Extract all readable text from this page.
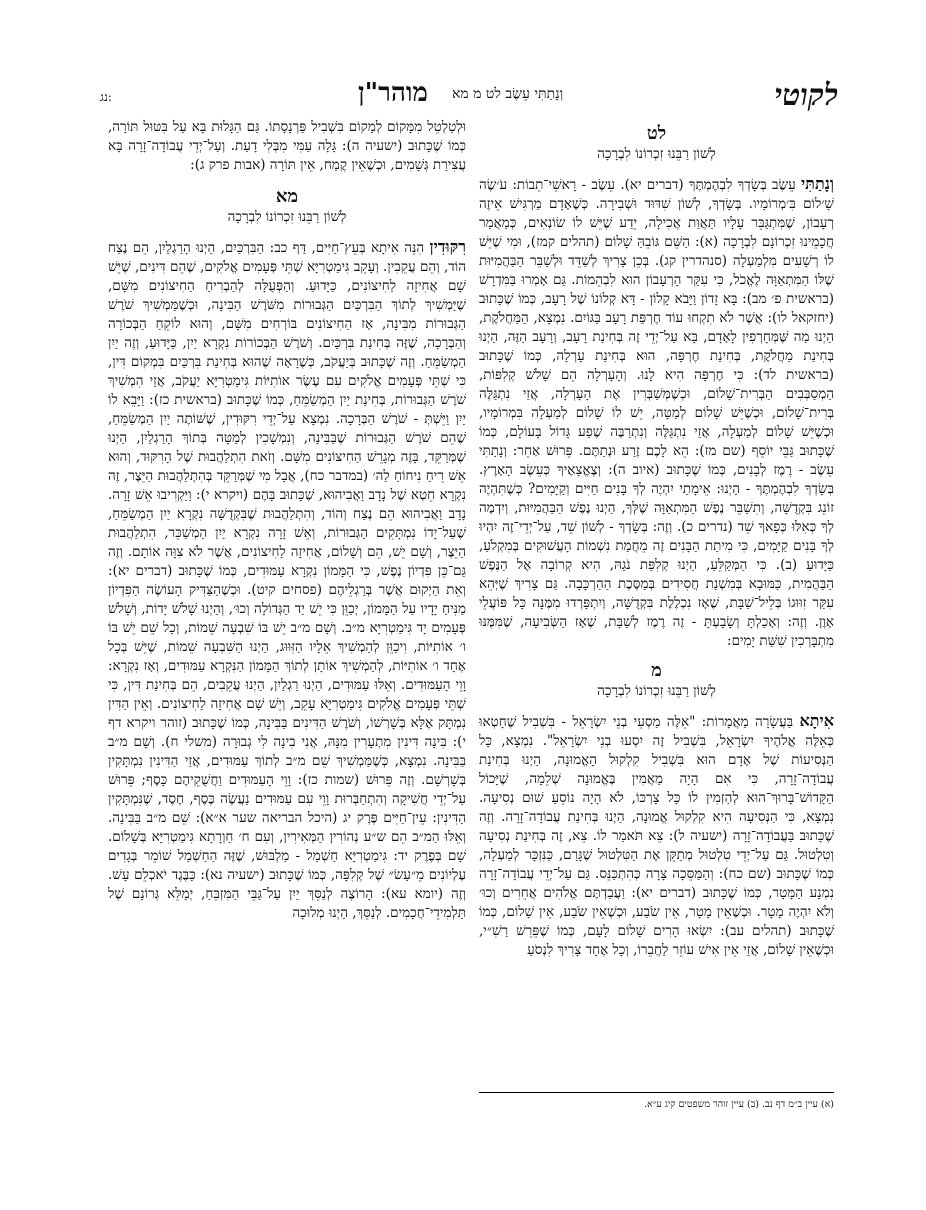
נג:	מוהר"ן וְנָתַתִּי עֵשֶׂב לט מ מא	לקוטי
לט
לְשׁוֹן רַבֵּנוּ זִכְרוֹנוֹ לִבְרָכָה

וְנָתַתִּי עֵשֶׂב בְּשָׂדְךָ לִבְהֶמְתֶּךָ (דברים יא). עֵשֶׂב - רָאשֵׁי־תֵבוֹת: עֹ׳שֶׂה שָׁ׳לוֹם בִּ׳מְרוֹמָיו. בְּשָׂדְךָ, לְשׁוֹן שִׁדּוּד וּשְׁבִירָה. כְּשֶׁאָדָם מַרְגִּישׁ אֵיזֶה רְעָבוֹן, שֶׁמִּתְגַּבֵּר עָלָיו תַּאֲוַת אֲכִילָה, יֵדַע שֶׁיֵּשׁ לוֹ שׂוֹנְאִים, כְּמַאֲמַר חֲכָמֵינוּ זִכְרוֹנָם לִבְרָכָה (א): הַשֵּׁם גּוֹבֵהַּ שָׁלוֹם (תהלים קמז), וּמִי שֶׁיֵּשׁ לוֹ רְשָׁעִים מִלְמַעְלָה (סנהדרין קג). בְּכֵן צָרִיךְ לְשַׁדֵּד וּלְשַׁבֵּר הַבַּהֲמִיּוּת שֶׁלּוֹ הַמִּתְאַוָּה לֶאֱכֹל, כִּי עִקַּר הָרְעָבוֹן הוּא לִבְהֵמוֹת. גַּם אָמְרוּ בַּמִּדְרָשׁ (בראשית פ׳ מב): בָּא זָדוֹן וַיָּבֹא קָלוֹן - דָּא קְלוֹנוֹ שֶׁל רָעָב, כְּמוֹ שֶׁכָּתוּב (יחזקאל לו): אֲשֶׁר לֹא תִקְחוּ עוֹד חֶרְפַּת רָעָב בַּגּוֹיִם. נִמְצָא, הַמַּחֲלֹקֶת, הַיְנוּ מַה שֶּׁמְּחָרְפִין לָאָדָם, בָּא עַל־יְדֵי זֶה בְּחִינַת רָעָב, וְרָעָב הַזֶּה, הַיְנוּ בְּחִינַת מַחֲלֹקֶת, בְּחִינַת חֶרְפָּה, הוּא בְּחִינַת עָרְלָה, כְּמוֹ שֶׁכָּתוּב (בראשית לד): כִּי חֶרְפָּה הִיא לָנוּ. וְהָעָרְלָה הֵם שָׁלֹשׁ קְלִפּוֹת, הַמְסַבְּבִים הַבְּרִית־שָׁלוֹם, וּכְשֶׁמְּשַׁבְּרִין אֶת הָעָרְלָה, אֲזַי נִתְגַּלֶּה בְּרִית־שָׁלוֹם, וּכְשֶׁיֵּשׁ שָׁלוֹם לְמַטָּה, יֵשׁ לוֹ שָׁלוֹם לְמַעְלָה בִּמְרוֹמָיו, וּכְשֶׁיֵּשׁ שָׁלוֹם לְמַעְלָה, אֲזַי נִתְגַּלֶּה וְנִתְרַבֶּה שֶׁפַע גָּדוֹל בָּעוֹלָם, כְּמוֹ שֶׁכָּתוּב גַּבֵּי יוֹסֵף (שם מז): הֵא לָכֶם זֶרַע וּנְתַתֶּם. פֵּרוּשׁ אַחֵר: וְנָתַתִּי עֵשֶׂב - רֶמֶז לְבָנִים, כְּמוֹ שֶׁכָּתוּב (איוב ה): וְצֶאֱצָאֶיךָ כְּעֵשֶׂב הָאָרֶץ. בְּשָׂדְךָ לִבְהֶמְתֶּךָ - הַיְנוּ: אֵימָתַי יִהְיֶה לְךָ בָּנִים חַיִּים וְקַיָּמִים? כְּשֶׁתִּהְיֶה זוֹנֵג בִּקְדֻשָּׁה, וְתִשַׁבֵּר נֶפֶשׁ הַמִּתְאַוָּה שֶׁלְּךָ, הַיְנוּ נֶפֶשׁ הַבַּהֲמִיּוּת, וְיִדְמֶה לְךָ כְּאִלּוּ כְּפָאךָ שֵׁד (נדרים כ). וְזֶה: בְּשָׂדְךָ - לְשׁוֹן שֵׁד, עַל־יְדֵי־זֶה יִהְיוּ לְךָ בָּנִים קַיָּמִים, כִּי מִיתַת הַבָּנִים זֶה מֵחֲמַת נִשְׁמוֹת הָעֲשׁוּקִים בְּמִקְלֹעַ, כַּיָּדוּעַ (ב). כִּי הַמְּקַלֵּעַ, הַיְנוּ קְלִפַּת נֹגַהּ, הִיא קְרוֹבָה אֶל הַנֶּפֶשׁ הַבַּהֲמִית, כַּמּוּבָא בְּמִשְׁנַת חֲסִידִים בְּמַסֶּכֶת הַהַרְכָּבָה. גַּם צָרִיךְ שֶׁיְּהֵא עִקַּר זִוּוּגוֹ בְּלֵיל־שַׁבָּת, שֶׁאָז נִכְלֶלֶת בִּקְדֻשָּׁה, וְיִתְפָּרְדוּ מִמֶּנָּה כָּל פּוֹעֲלֵי אָוֶן. וְזֶה: וְאָכַלְתָּ וְשָׂבָעְתָּ - זֶה רֶמֶז לְשַׁבָּת, שֶׁאָז הַשְּׂבִיעָה, שֶׁמִּמֶּנּוּ מִתְבָּרְכִין שִׁשַּׁת יָמִים:

מ
לְשׁוֹן רַבֵּנוּ זִכְרוֹנוֹ לִבְרָכָה

אִיתָא בַּעֲשָׂרָה מַאֲמָרוֹת: "אֵלֶּה מַסְעֵי בְנֵי יִשְׂרָאֵל - בִּשְׁבִיל שֶׁחָטְאוּ כְּאֵלֶּה אֱלֹהֶיךָ יִשְׂרָאֵל, בִּשְׁבִיל זֶה יִסְעוּ בְנֵי יִשְׂרָאֵל". נִמְצָא, כָּל הַנְּסִיעוֹת שֶׁל אָדָם הוּא בִּשְׁבִיל קִלְקוּל הָאֱמוּנָה, הַיְנוּ בְּחִינַת עֲבוֹדָה־זָרָה, כִּי אִם הָיָה מַאֲמִין בֶּאֱמוּנָה שְׁלֵמָה, שֶׁיָּכוֹל הַקָּדוֹשׁ־בָּרוּךְ־הוּא לְהַזְמִין לוֹ כָּל צָרְכּוֹ, לֹא הָיָה נוֹסֵעַ שׁוּם נְסִיעָה. נִמְצָא, כִּי הַנְּסִיעָה הִיא קִלְקוּל אֱמוּנָה, הַיְנוּ בְּחִינַת עֲבוֹדָה־זָרָה. וְזֶה שֶׁכָּתוּב בַּעֲבוֹדָה־זָרָה (ישעיה ל): צֵא תֹּאמַר לוֹ. צֵא, זֶה בְּחִינַת נְסִיעָה וְטִלְטוּל. גַּם עַל־יְדֵי טִלְטוּל מְתַקֵּן אֶת הַטִּלְטוּל שֶׁגָּרַם, כַּנִּזְכָּר לְמַעְלָה, כְּמוֹ שֶׁכָּתוּב (שם כח): וְהַמַּסֵּכָה צָרָה כְּהִתְכַּנֵּס. גַּם עַל־יְדֵי עֲבוֹדָה־זָרָה נִמְנָע הַמָּטָר, כְּמוֹ שֶׁכָּתוּב (דברים יא): וַעֲבַדְתֶּם אֱלֹהִים אֲחֵרִים וְכוּ׳ וְלֹא יִהְיֶה מָטָר. וּכְשֶׁאֵין מָטָר, אֵין שֹׂבַע, וּכְשֶׁאֵין שֹׂבַע, אֵין שָׁלוֹם, כְּמוֹ שֶׁכָּתוּב (תהלים עב): יִשְׂאוּ הָרִים שָׁלוֹם לָעָם, כְּמוֹ שֶׁפֵּרֵשׁ רַשִׁ״י, וּכְשֶׁאֵין שָׁלוֹם, אֲזַי אֵין אִישׁ עוֹזֵר לַחֲבֵרוֹ, וְכָל אֶחָד צָרִיךְ לִנְסֹעַ

וּלְטַלְטֵל מִמָּקוֹם לְמָקוֹם בִּשְׁבִיל פַּרְנָסָתוֹ. גַּם הַגָּלוּת בָּא עַל בִּטּוּל תּוֹרָה, כְּמוֹ שֶׁכָּתוּב (ישעיה ה): גָּלָה עַמִּי מִבְּלִי דָעַת. וְעַל־יְדֵי עֲבוֹדָה־זָרָה בָּא עֲצִירַת גְּשָׁמִים, וּכְשֶׁאֵין קֶמַח, אֵין תּוֹרָה (אבות פרק ג):

מא
לְשׁוֹן רַבֵּנוּ זִכְרוֹנוֹ לִבְרָכָה

רִקּוּדִין הִנֵּה אִיתָא בְּעֵץ־חַיִּים, דַּף כב: הַבִּרְכַּיִם, הַיְנוּ הָרַגְלַיִן, הֵם נֶצַח הוֹד, וְהֵם עֲקֵבִין. וְעָקֵב גִּימַטְרִיָּא שְׁתֵּי פְּעָמִים אֱלֹקִים, שֶׁהֵם דִּינִים, שֶׁיֵּשׁ שָׁם אֲחִיזָה לַחִיצוֹנִים, כַּיָּדוּעַ. וְהַפְּעֻלָּה לְהַבְרִיחַ הַחִיצוֹנִים מִשָּׁם, שֶׁיַּמְשִׁיךְ לְתוֹךְ הַבִּרְכַּיִם הַגְּבוּרוֹת מִשֹּׁרֶשׁ הַבִּינָה, וּכְשֶׁמַּמְשִׁיךְ שֹׁרֶשׁ הַגְּבוּרוֹת מִבִּינָה, אָז הַחִיצוֹנִים בּוֹרְחִים מִשָּׁם, וְהוּא לוֹקֵחַ הַבְּכוֹרָה וְהַבְּרָכָה, שֶׁזֶּה בְּחִינַת בִּרְכַּיִם. וְשֹׁרֶשׁ הַבְּכוֹרוֹת נִקְרָא יַיִן, כַּיָּדוּעַ, וְזֶה יַיִן הַמְשַׂמֵּחַ. וְזֶה שֶׁכָּתוּב בְּיַעֲקֹב, כְּשֶׁרָאָה שֶׁהוּא בְּחִינַת בִּרְכַּיִם בִּמְקוֹם דִּין, כִּי שְׁתֵּי פְּעָמִים אֱלֹקִים עִם עֶשֶׂר אוֹתִיּוֹת גִּימַטְרִיָּא יַעֲקֹב, אֲזַי הִמְשִׁיךְ שֹׁרֶשׁ הַגְּבוּרוֹת, בְּחִינַת יַיִן הַמְשַׂמֵּחַ, כְּמוֹ שֶׁכָּתוּב (בראשית כז): וַיָּבֵא לוֹ יַיִן וַיֵּשְׁתְּ - שֹׁרֶשׁ הַבְּרָכָה. נִמְצָא עַל־יְדֵי רִקּוּדִין, שֶׁשּׁוֹתֶה יַיִן הַמְשַׂמֵּחַ, שֶׁהֵם שֹׁרֶשׁ הַגְּבוּרוֹת שֶׁבַּבִּינָה, וְנִמְשָׁכִין לְמַטָּה בְּתוֹךְ הָרַגְלַיִן, הַיְנוּ שֶׁמְּרַקֵּד, בָּזֶה מְגָרֵשׁ הַחִיצוֹנִים מִשָּׁם. וְזֹאת הִתְלַהֲבוּת שֶׁל הָרִקּוּד, וְהוּא אֵשׁ רֵיחַ נִיחוֹחַ לַה׳ (במדבר כח), אֲבָל מִי שֶׁמְּרַקֵּד בְּהִתְלַהֲבוּת הַיֵּצֶר, זֶה נִקְרָא חֵטְא שֶׁל נָדָב וַאֲבִיהוּא, שֶׁכָּתוּב בָּהֶם (ויקרא י): וַיַּקְרִיבוּ אֵשׁ זָרָה. נָדָב וַאֲבִיהוּא הֵם נֶצַח וְהוֹד, וְהִתְלַהֲבוּת שֶׁבִּקְדֻשָּׁה נִקְרָא יַיִן הַמְשַׂמֵּחַ, שֶׁעַל־יָדוֹ נִמְתָּקִים הַגְּבוּרוֹת, וְאֵשׁ זָרָה נִקְרָא יַיִן הַמְשַׁכֵּר, הִתְלַהֲבוּת הַיֵּצֶר, וְשָׁם יֵשׁ, הֵם וְשָׁלוֹם, אֲחִיזָה לַחִיצוֹנִים, אֲשֶׁר לֹא צִוָּה אוֹתָם. וְזֶה גַּם־כֵּן פִּדְיוֹן נֶפֶשׁ, כִּי הַמָּמוֹן נִקְרָא עַמּוּדִים, כְּמוֹ שֶׁכָּתוּב (דברים יא): וְאֵת הַיְקוּם אֲשֶׁר בְּרַגְלֵיהֶם (פסחים קיט). וּכְשֶׁהַצַּדִּיק הָעוֹשֶׂה הַפִּדְיוֹן מַנִּיחַ יָדָיו עַל הַמָּמוֹן, יְכַוֵּן כִּי יֵשׁ יַד הַגְּדוֹלָה וְכוּ׳, וְהַיְנוּ שָׁלֹשׁ יָדוֹת, וְשָׁלֹשׁ פְּעָמִים יָד גִּימַטְרִיָּא מ״ב. וְשָׁם מ״ב יֵשׁ בּוֹ שִׁבְעָה שֵׁמוֹת, וְכָל שֵׁם יֵשׁ בּוֹ ו׳ אוֹתִיּוֹת, וִיכַוֵּן לְהַמְשִׁיךְ אֵלָיו הַזִּוּוּג, הַיְנוּ הַשִּׁבְעָה שֵׁמוֹת, שֶׁיֵּשׁ בְּכָל אֶחָד ו׳ אוֹתִיּוֹת, לְהַמְשִׁיךְ אוֹתָן לְתוֹךְ הַמָּמוֹן הַנִּקְרָא עַמּוּדִים, וְאָז נִקְרָא: וָוֵי הָעַמּוּדִים. וְאֵלּוּ עַמּוּדִים, הַיְנוּ רַגְלַיִן, הַיְנוּ עֲקֵבִים, הֵם בְּחִינַת דִּין, כִּי שְׁתֵּי פְּעָמִים אֱלֹקִים גִּימַטְרִיָּא עָקֵב, וְיֵשׁ שָׁם אֲחִיזָה לַחִיצוֹנִים. וְאֵין הַדִּין נִמְתָּק אֶלָּא בְּשָׁרְשׁוֹ, וְשֹׁרֶשׁ הַדִּינִים בַּבִּינָה, כְּמוֹ שֶׁכָּתוּב (זוהר ויקרא דף י): בִּינָה דִּינִין מִתְעָרִין מִנָּהּ, אֲנִי בִינָה לִי גְבוּרָה (משלי ח). וְשָׁם מ״ב בַּבִּינָה. נִמְצָא, כְּשֶׁמַּמְשִׁיךְ שֵׁם מ״ב לְתוֹךְ עַמּוּדִים, אֲזַי הַדִּינִין נִמְתָּקִין בְּשָׁרְשָׁם. וְזֶה פֵּרוּשׁ (שמות כז): וָוֵי הָעַמּוּדִים וַחֲשֻׁקֵיהֶם כָּסֶף; פֵּרוּשׁ עַל־יְדֵי חֲשִׁיקָה וְהִתְחַבְּרוּת וָוֵי עִם עַמּוּדִים נַעֲשֶׂה כֶּסֶף, חֶסֶד, שֶׁנִּמְתָּקִין הַדִּינִין: עֵין־חַיִּים פֶּרֶק יג (היכל הבריאה שער א״א): שֵׁם מ״ב בַּבִּינָה. וְאֵלּוּ הַמ״ב הֵם ש״ע נְהוֹרִין הַמְּאִירִין, וְעִם ח׳ חַוְרָתָא גִּימַטְרִיָּא בְּשָׁלוֹם. שָׁם בְּפֶרֶק יד: גִּימַטְרִיָּא חַשְׁמַל - מַלְבּוּשׁ, שֶׁזֶּה הַחַשְׁמַל שׁוֹמֵר בְּגָדִים עֶלְיוֹנִים מֵ״עַשׂ״ שֶׁל קְלִפָּה, כְּמוֹ שֶׁכָּתוּב (ישעיה נא): כַּבֶּגֶד יֹאכְלֵם עָשׁ. וְזֶה (יומא עא): הָרוֹצֶה לְנַסֵּךְ יַיִן עַל־גַּבֵּי הַמִּזְבֵּחַ, יְמַלֵּא גְּרוֹנָם שֶׁל תַּלְמִידֵי־חֲכָמִים. לְנַסֵּךְ, הַיְנוּ מְלוּכָה

(א) עיין ב״מ דף נב. (ב) עיין זוהר משפטים קיג ע״א.
